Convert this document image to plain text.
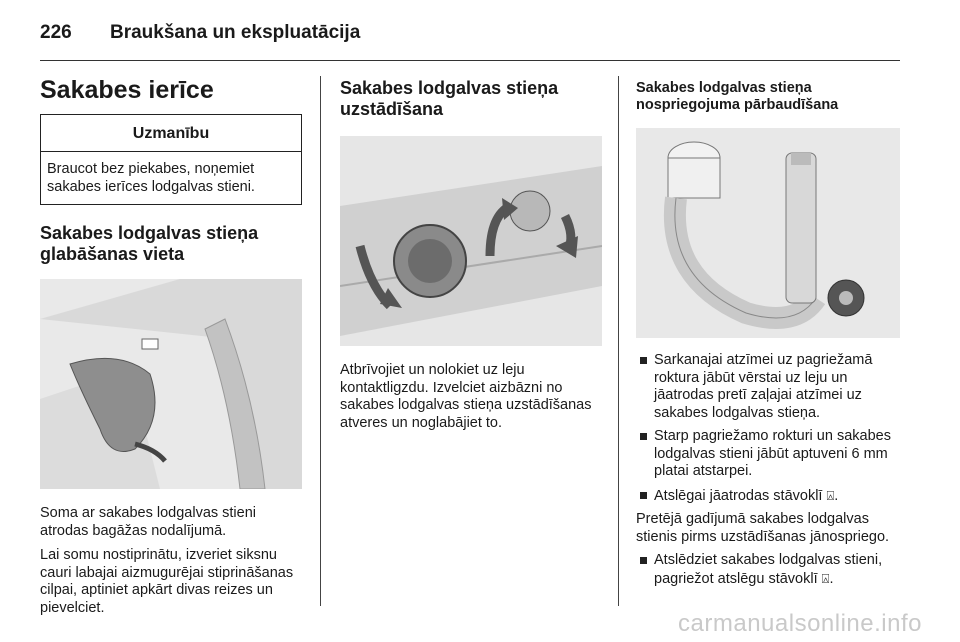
226 Braukšana un ekspluatācija
Sakabes ierīce
Uzmanību

Braucot bez piekabes, noņemiet sakabes ierīces lodgalvas stieni.

Sakabes lodgalvas stieņa glabāšanas vieta

Soma ar sakabes lodgalvas stieni atrodas bagāžas nodalījumā.

Lai somu nostiprinātu, izveriet siksnu cauri labajai aizmugurējai stiprināšanas cilpai, aptiniet apkārt divas reizes un pievelciet.

Sakabes lodgalvas stieņa uzstādīšana

Atbrīvojiet un nolokiet uz leju kontaktligzdu. Izvelciet aizbāzni no sakabes lodgalvas stieņa uzstādīšanas atveres un noglabājiet to.

Sakabes lodgalvas stieņa nospriegojuma pārbaudīšana
Sarkanajai atzīmei uz pagriežamā roktura jābūt vērstai uz leju un jāatrodas pretī zaļajai atzīmei uz sakabes lodgalvas stieņa.
Starp pagriežamo rokturi un sakabes lodgalvas stieni jābūt aptuveni 6 mm platai atstarpei.
Atslēgai jāatrodas stāvoklī ⍓.

Pretējā gadījumā sakabes lodgalvas stienis pirms uzstādīšanas jānospriego.

Atslēdziet sakabes lodgalvas stieni, pagriežot atslēgu stāvoklī ⍓.
carmanualsonline.info
